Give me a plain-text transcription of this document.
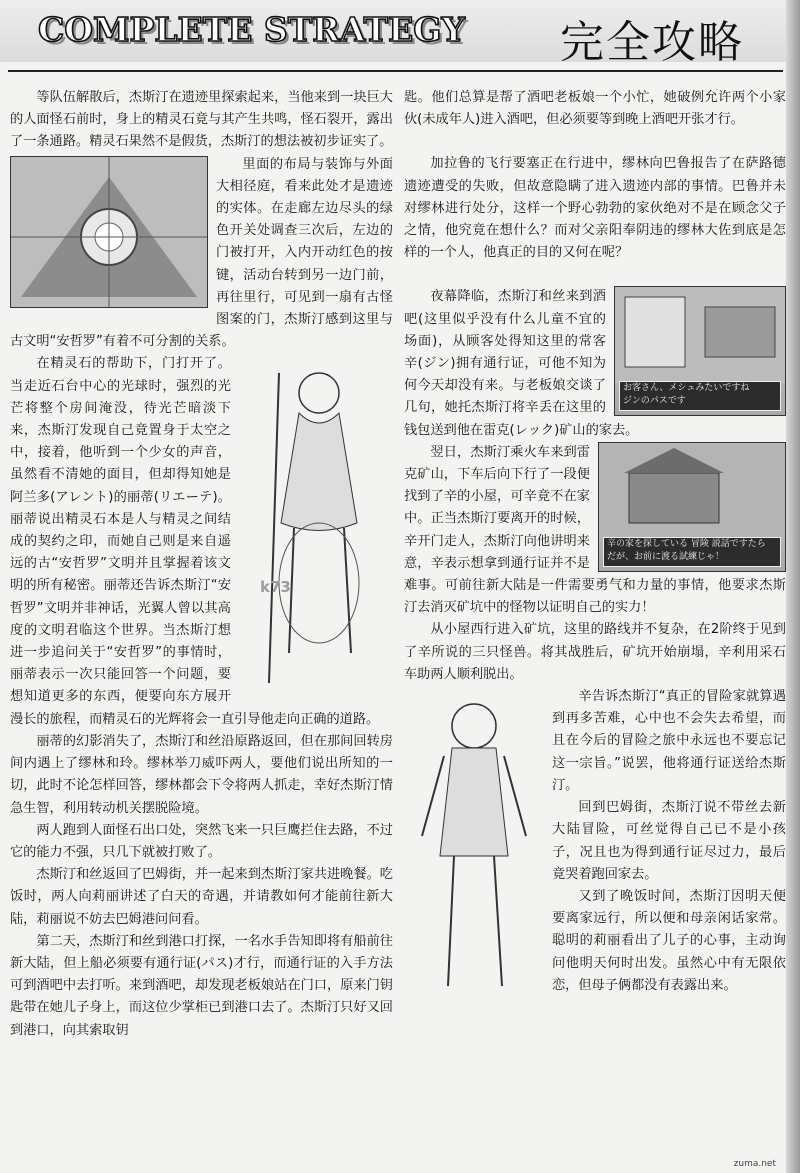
COMPLETE STRATEGY 完全攻略

等队伍解散后，杰斯汀在遗迹里探索起来，当他来到一块巨大的人面怪石前时，身上的精灵石竟与其产生共鸣，怪石裂开，露出了一条通路。精灵石果然不是假货，杰斯汀的想法被初步证实了。

里面的布局与装饰与外面大相径庭，看来此处才是遗迹的实体。在走廊左边尽头的绿色开关处调查三次后，左边的门被打开，入内开动红色的按键，活动台转到另一边门前，再往里行，可见到一扇有古怪图案的门，杰斯汀感到这里与古文明“安哲罗”有着不可分割的关系。

在精灵石的帮助下，门打开了。当走近石台中心的光球时，强烈的光芒将整个房间淹没，待光芒暗淡下来，杰斯汀发现自己竟置身于太空之中，接着，他听到一个少女的声音，虽然看不清她的面目，但却得知她是阿兰多(アレント)的丽蒂(リエーテ)。丽蒂说出精灵石本是人与精灵之间结成的契约之印，而她自己则是来自遥远的古“安哲罗”文明并且掌握着该文明的所有秘密。丽蒂还告诉杰斯汀“安哲罗”文明并非神话，光翼人曾以其高度的文明君临这个世界。当杰斯汀想进一步追问关于“安哲罗”的事情时，丽蒂表示一次只能回答一个问题，要想知道更多的东西，便要向东方展开漫长的旅程，而精灵石的光辉将会一直引导他走向正确的道路。

丽蒂的幻影消失了，杰斯汀和丝沿原路返回，但在那间回转房间内遇上了缪林和玲。缪林举刀威吓两人，要他们说出所知的一切，此时不论怎样回答，缪林都会下令将两人抓走，幸好杰斯汀情急生智，利用转动机关摆脱险境。

两人跑到人面怪石出口处，突然飞来一只巨鹰拦住去路，不过它的能力不强，只几下就被打败了。

杰斯汀和丝返回了巴姆街，并一起来到杰斯汀家共进晚餐。吃饭时，两人向莉丽讲述了白天的奇遇，并请教如何才能前往新大陆，莉丽说不妨去巴姆港问问看。

第二天，杰斯汀和丝到港口打探，一名水手告知即将有船前往新大陆，但上船必须要有通行证(パス)才行，而通行证的入手方法可到酒吧中去打听。来到酒吧，却发现老板娘站在门口，原来门钥匙带在她儿子身上，而这位少掌柜已到港口去了。杰斯汀只好又回到港口，向其索取钥

匙。他们总算是帮了酒吧老板娘一个小忙，她破例允许两个小家伙(未成年人)进入酒吧，但必须要等到晚上酒吧开张才行。

加拉鲁的飞行要塞正在行进中，缪林向巴鲁报告了在萨路德遗迹遭受的失败，但故意隐瞒了进入遗迹内部的事情。巴鲁并未对缪林进行处分，这样一个野心勃勃的家伙绝对不是在顾念父子之情，他究竟在想什么？而对父亲阳奉阴违的缪林大佐到底是怎样的一个人，他真正的目的又何在呢？

お客さん、メシュみたいですね
ジンのパスです

夜幕降临，杰斯汀和丝来到酒吧(这里似乎没有什么儿童不宜的场面)，从顾客处得知这里的常客辛(ジン)拥有通行证，可他不知为何今天却没有来。与老板娘交谈了几句，她托杰斯汀将辛丢在这里的钱包送到他在雷克(レック)矿山的家去。

辛の家を探している 冒険 説話ですたら
だが、お前に渡る試練じゃ！

翌日，杰斯汀乘火车来到雷克矿山，下车后向下行了一段便找到了辛的小屋，可辛竟不在家中。正当杰斯汀要离开的时候，辛开门走人，杰斯汀向他讲明来意，辛表示想拿到通行证并不是难事。可前往新大陆是一件需要勇气和力量的事情，他要求杰斯汀去消灭矿坑中的怪物以证明自己的实力！

从小屋西行进入矿坑，这里的路线并不复杂，在2阶终于见到了辛所说的三只怪兽。将其战胜后，矿坑开始崩塌，辛利用采石车助两人顺利脱出。

辛告诉杰斯汀“真正的冒险家就算遇到再多苦难，心中也不会失去希望，而且在今后的冒险之旅中永远也不要忘记这一宗旨。”说罢，他将通行证送给杰斯汀。

回到巴姆街，杰斯汀说不带丝去新大陆冒险，可丝觉得自己已不是小孩子，况且也为得到通行证尽过力，最后竟哭着跑回家去。

又到了晚饭时间，杰斯汀因明天便要离家远行，所以便和母亲闲话家常。聪明的莉丽看出了儿子的心事，主动询问他明天何时出发。虽然心中有无限依恋，但母子俩都没有表露出来。

k73
zuma.net
